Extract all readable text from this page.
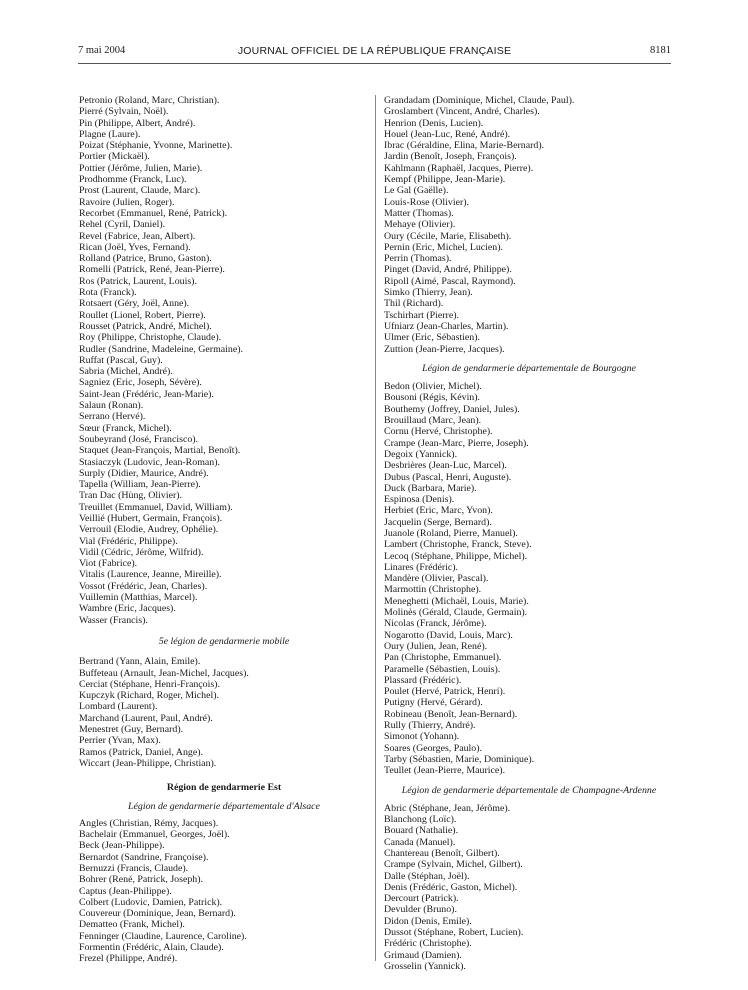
7 mai 2004	JOURNAL OFFICIEL DE LA RÉPUBLIQUE FRANÇAISE	8181

Petronio (Roland, Marc, Christian).

Pierré (Sylvain, Noël).

Pin (Philippe, Albert, André).

Plagne (Laure).

Poizat (Stéphanie, Yvonne, Marinette).

Portier (Mickaël).

Pottier (Jérôme, Julien, Marie).

Prodhomme (Franck, Luc).

Prost (Laurent, Claude, Marc).

Ravoire (Julien, Roger).

Recorbet (Emmanuel, René, Patrick).

Rehel (Cyril, Daniel).

Revel (Fabrice, Jean, Albert).

Rican (Joël, Yves, Fernand).

Rolland (Patrice, Bruno, Gaston).

Romelli (Patrick, René, Jean-Pierre).

Ros (Patrick, Laurent, Louis).

Rota (Franck).

Rotsaert (Géry, Joël, Anne).

Roullet (Lionel, Robert, Pierre).

Rousset (Patrick, André, Michel).

Roy (Philippe, Christophe, Claude).

Rudler (Sandrine, Madeleine, Germaine).

Ruffat (Pascal, Guy).

Sabria (Michel, André).

Sagniez (Eric, Joseph, Sévère).

Saint-Jean (Frédéric, Jean-Marie).

Salaun (Ronan).

Serrano (Hervé).

Sœur (Franck, Michel).

Soubeyrand (José, Francisco).

Staquet (Jean-François, Martial, Benoît).

Stasiaczyk (Ludovic, Jean-Roman).

Surply (Didier, Maurice, André).

Tapella (William, Jean-Pierre).

Tran Dac (Hùng, Olivier).

Treuillet (Emmanuel, David, William).

Veillié (Hubert, Germain, François).

Verrouil (Elodie, Audrey, Ophélie).

Vial (Frédéric, Philippe).

Vidil (Cédric, Jérôme, Wilfrid).

Viot (Fabrice).

Vitalis (Laurence, Jeanne, Mireille).

Vossot (Frédéric, Jean, Charles).

Vuillemin (Matthias, Marcel).

Wambre (Eric, Jacques).

Wasser (Francis).

5e légion de gendarmerie mobile

Bertrand (Yann, Alain, Emile).

Buffeteau (Arnault, Jean-Michel, Jacques).

Cerciat (Stéphane, Henri-François).

Kupczyk (Richard, Roger, Michel).

Lombard (Laurent).

Marchand (Laurent, Paul, André).

Menestret (Guy, Bernard).

Perrier (Yvan, Max).

Ramos (Patrick, Daniel, Ange).

Wiccart (Jean-Philippe, Christian).

Région de gendarmerie Est

Légion de gendarmerie départementale d'Alsace

Angles (Christian, Rémy, Jacques).

Bachelair (Emmanuel, Georges, Joël).

Beck (Jean-Philippe).

Bernardot (Sandrine, Françoise).

Bernuzzi (Francis, Claude).

Bohrer (René, Patrick, Joseph).

Captus (Jean-Philippe).

Colbert (Ludovic, Damien, Patrick).

Couvereur (Dominique, Jean, Bernard).

Dematteo (Frank, Michel).

Fenninger (Claudine, Laurence, Caroline).

Formentin (Frédéric, Alain, Claude).

Frezel (Philippe, André).

Grandadam (Dominique, Michel, Claude, Paul).

Groslambert (Vincent, André, Charles).

Henrion (Denis, Lucien).

Houel (Jean-Luc, René, André).

Ibrac (Géraldine, Elina, Marie-Bernard).

Jardin (Benoît, Joseph, François).

Kahlmann (Raphaël, Jacques, Pierre).

Kempf (Philippe, Jean-Marie).

Le Gal (Gaëlle).

Louis-Rose (Olivier).

Matter (Thomas).

Mehaye (Olivier).

Oury (Cécile, Marie, Elisabeth).

Pernin (Eric, Michel, Lucien).

Perrin (Thomas).

Pinget (David, André, Philippe).

Ripoll (Aimé, Pascal, Raymond).

Simko (Thierry, Jean).

Thil (Richard).

Tschirhart (Pierre).

Ufniarz (Jean-Charles, Martin).

Ulmer (Eric, Sébastien).

Zuttion (Jean-Pierre, Jacques).

Légion de gendarmerie départementale de Bourgogne

Bedon (Olivier, Michel).

Bousoni (Régis, Kévin).

Bouthemy (Joffrey, Daniel, Jules).

Brouillaud (Marc, Jean).

Cornu (Hervé, Christophe).

Crampe (Jean-Marc, Pierre, Joseph).

Degoix (Yannick).

Desbrières (Jean-Luc, Marcel).

Dubus (Pascal, Henri, Auguste).

Duck (Barbara, Marie).

Espinosa (Denis).

Herbiet (Eric, Marc, Yvon).

Jacquelin (Serge, Bernard).

Juanole (Roland, Pierre, Manuel).

Lambert (Christophe, Franck, Steve).

Lecoq (Stéphane, Philippe, Michel).

Linares (Frédéric).

Mandère (Olivier, Pascal).

Marmottin (Christophe).

Meneghetti (Michaël, Louis, Marie).

Molinès (Gérald, Claude, Germain).

Nicolas (Franck, Jérôme).

Nogarotto (David, Louis, Marc).

Oury (Julien, Jean, René).

Pan (Christophe, Emmanuel).

Paramelle (Sébastien, Louis).

Plassard (Frédéric).

Poulet (Hervé, Patrick, Henri).

Putigny (Hervé, Gérard).

Robineau (Benoît, Jean-Bernard).

Rully (Thierry, André).

Simonot (Yohann).

Soares (Georges, Paulo).

Tarby (Sébastien, Marie, Dominique).

Teullet (Jean-Pierre, Maurice).

Légion de gendarmerie départementale de Champagne-Ardenne

Abric (Stéphane, Jean, Jérôme).

Blanchong (Loïc).

Bouard (Nathalie).

Canada (Manuel).

Chantereau (Benoît, Gilbert).

Crampe (Sylvain, Michel, Gilbert).

Dalle (Stéphan, Joël).

Denis (Frédéric, Gaston, Michel).

Dercourt (Patrick).

Devulder (Bruno).

Didon (Denis, Emile).

Dussot (Stéphane, Robert, Lucien).

Frédéric (Christophe).

Grimaud (Damien).

Grosselin (Yannick).
